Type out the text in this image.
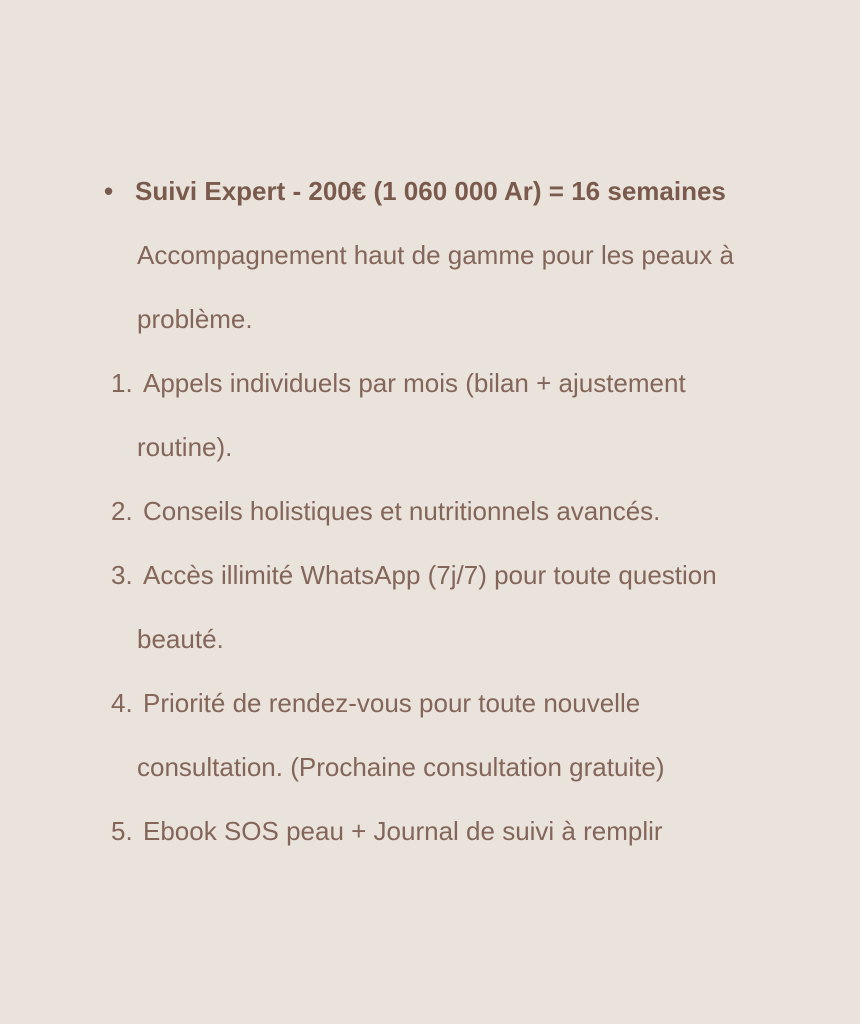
• Suivi Expert - 200€ (1 060 000 Ar) = 16 semaines
Accompagnement haut de gamme pour les peaux à
problème.
1. Appels individuels par mois (bilan + ajustement
routine).
2. Conseils holistiques et nutritionnels avancés.
3. Accès illimité WhatsApp (7j/7) pour toute question
beauté.
4. Priorité de rendez-vous pour toute nouvelle
consultation. (Prochaine consultation gratuite)
5. Ebook SOS peau + Journal de suivi à remplir
